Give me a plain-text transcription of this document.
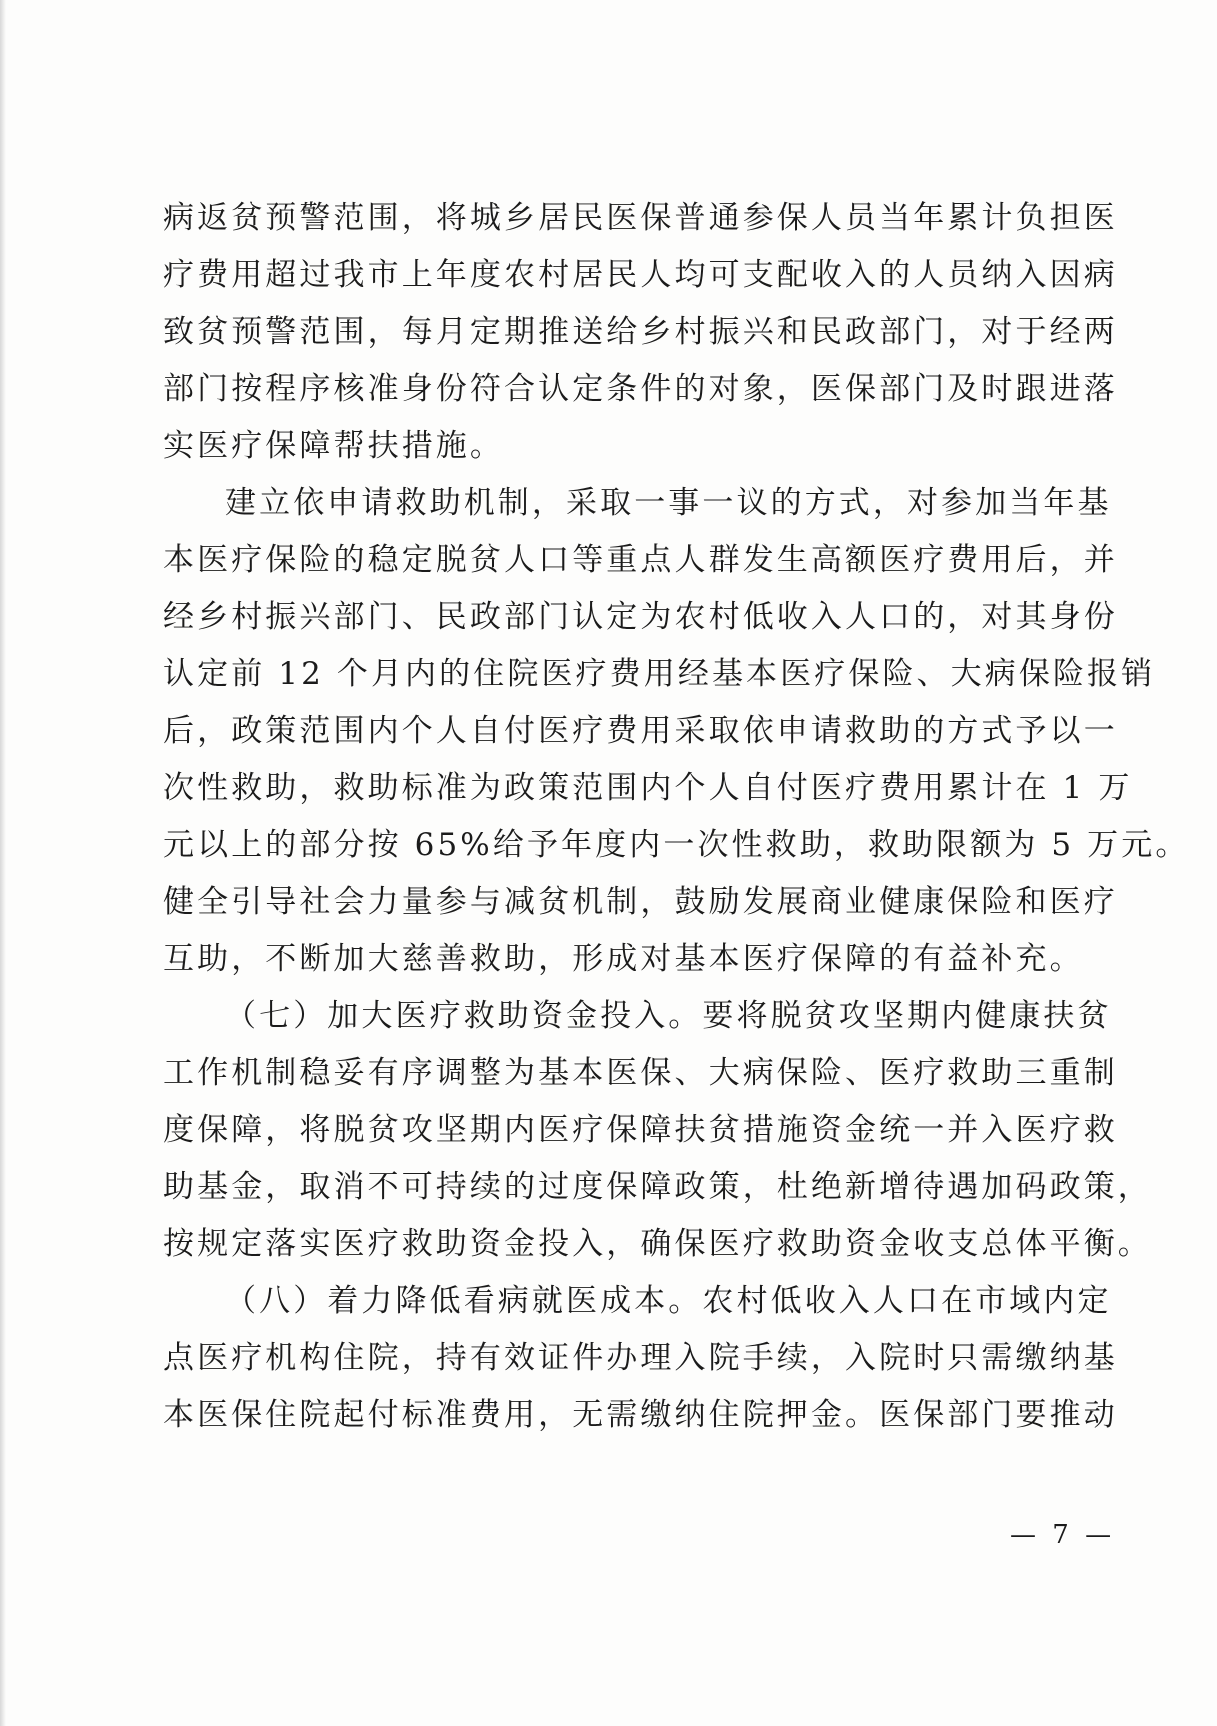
病返贫预警范围，将城乡居民医保普通参保人员当年累计负担医
疗费用超过我市上年度农村居民人均可支配收入的人员纳入因病
致贫预警范围，每月定期推送给乡村振兴和民政部门，对于经两
部门按程序核准身份符合认定条件的对象，医保部门及时跟进落
实医疗保障帮扶措施。
建立依申请救助机制，采取一事一议的方式，对参加当年基
本医疗保险的稳定脱贫人口等重点人群发生高额医疗费用后，并
经乡村振兴部门、民政部门认定为农村低收入人口的，对其身份
认定前 12 个月内的住院医疗费用经基本医疗保险、大病保险报销
后，政策范围内个人自付医疗费用采取依申请救助的方式予以一
次性救助，救助标准为政策范围内个人自付医疗费用累计在 1 万
元以上的部分按 65%给予年度内一次性救助，救助限额为 5 万元。
健全引导社会力量参与减贫机制，鼓励发展商业健康保险和医疗
互助，不断加大慈善救助，形成对基本医疗保障的有益补充。
（七）加大医疗救助资金投入。要将脱贫攻坚期内健康扶贫
工作机制稳妥有序调整为基本医保、大病保险、医疗救助三重制
度保障，将脱贫攻坚期内医疗保障扶贫措施资金统一并入医疗救
助基金，取消不可持续的过度保障政策，杜绝新增待遇加码政策，
按规定落实医疗救助资金投入，确保医疗救助资金收支总体平衡。
（八）着力降低看病就医成本。农村低收入人口在市域内定
点医疗机构住院，持有效证件办理入院手续，入院时只需缴纳基
本医保住院起付标准费用，无需缴纳住院押金。医保部门要推动
— 7 —
